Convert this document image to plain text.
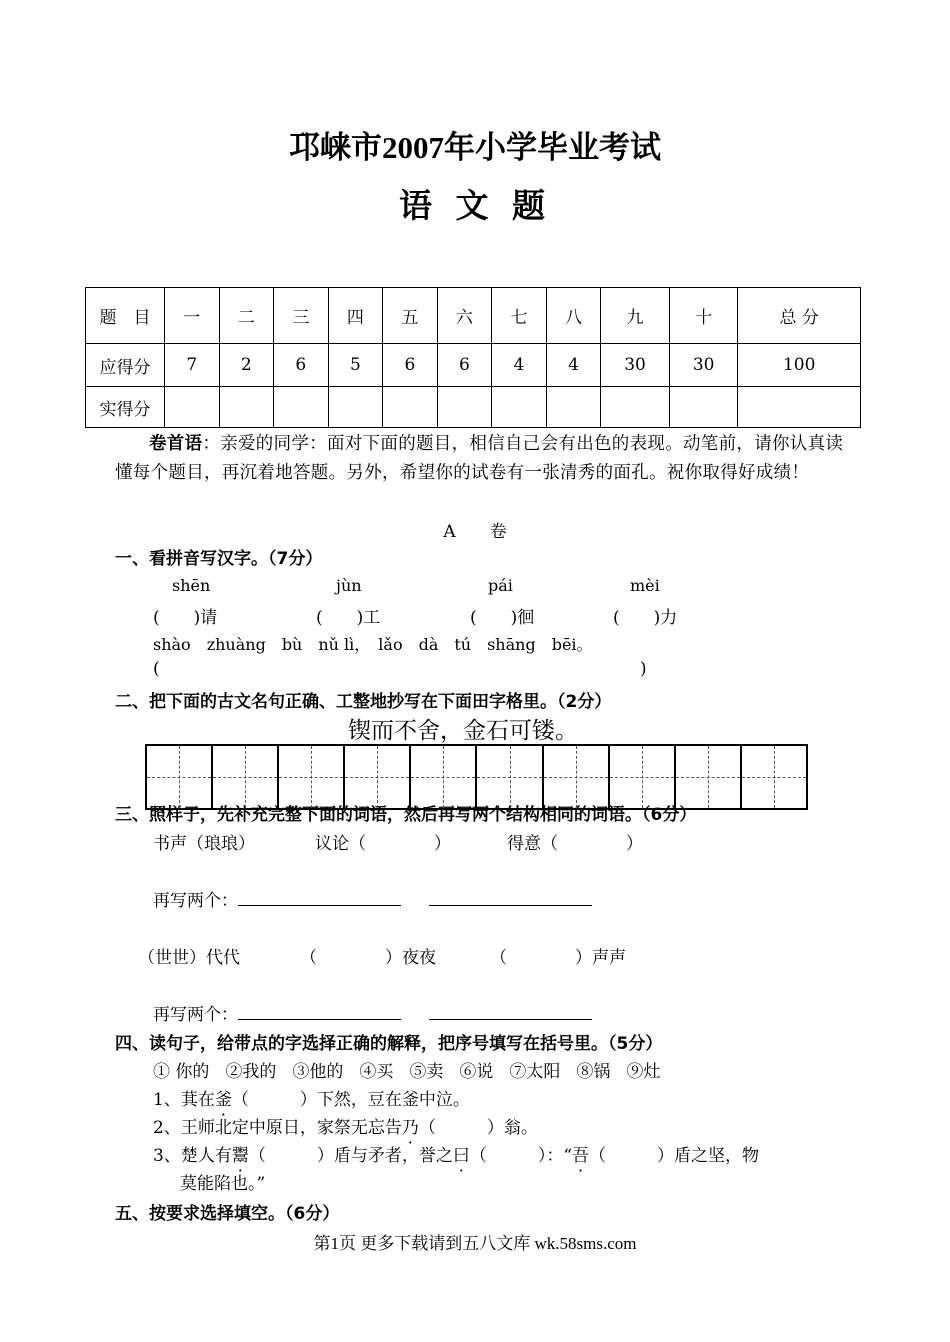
邛崃市2007年小学毕业考试
语 文 题
题　目	一	二	三	四	五	六	七	八	九	十	总 分
应得分	7	2	6	5	6	6	4	4	30	30	100
实得分											
卷首语：亲爱的同学：面对下面的题目，相信自己会有出色的表现。动笔前，请你认真读懂每个题目，再沉着地答题。另外，希望你的试卷有一张清秀的面孔。祝你取得好成绩！
A　　卷
一、看拼音写汉字。（7分）
shēn	jùn	pái	mèi
(　　)请	(　　)工	(　　)徊	(　　)力
shào　zhuàng　bù　nǔ lì，　lǎo　dà　tú　shāng　bēi。
(	)
二、把下面的古文名句正确、工整地抄写在下面田字格里。（2分）
锲而不舍，金石可镂。
三、照样子，先补充完整下面的词语，然后再写两个结构相同的词语。（6分）
书声（琅琅）	议论（　　　　）	得意（　　　　）
再写两个：
（世世）代代	（　　　　）夜夜	（　　　　）声声
再写两个：
四、读句子，给带点的字选择正确的解释，把序号填写在括号里。（5分）
① 你的 ②我的 ③他的 ④买 ⑤卖 ⑥说 ⑦太阳 ⑧锅 ⑨灶
1、萁在釜（　　　）下然，豆在釜中泣。
2、王师北定中原日，家祭无忘告乃（　　　）翁。
3、楚人有鬻（　　　）盾与矛者，誉之曰（　　　）：“吾（　　　）盾之坚，物
莫能陷也。”
五、按要求选择填空。（6分）
第1页 更多下载请到五八文库 wk.58sms.com
